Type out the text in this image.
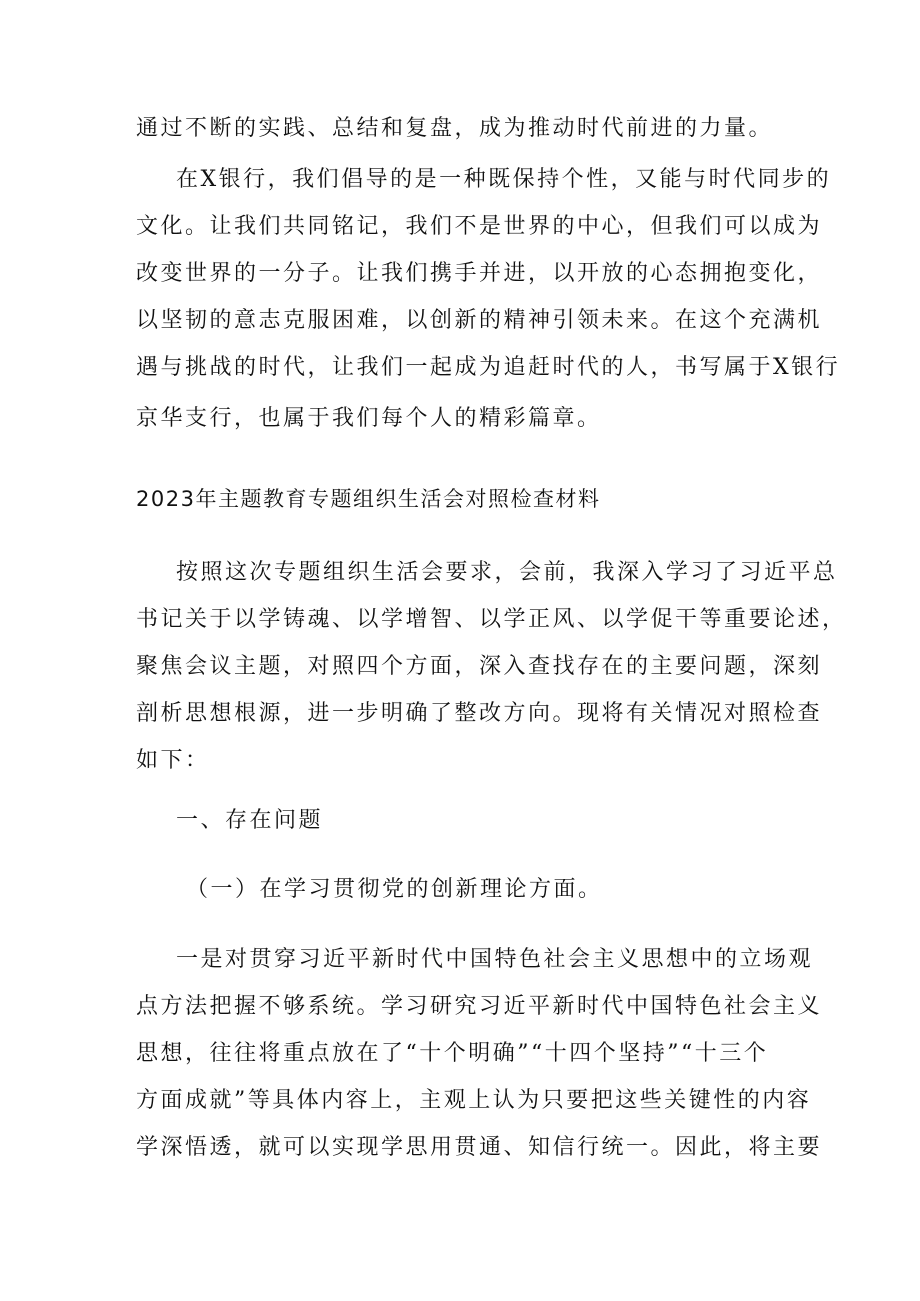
通过不断的实践、总结和复盘，成为推动时代前进的力量。
在X银行，我们倡导的是一种既保持个性，又能与时代同步的
文化。让我们共同铭记，我们不是世界的中心，但我们可以成为
改变世界的一分子。让我们携手并进，以开放的心态拥抱变化，
以坚韧的意志克服困难，以创新的精神引领未来。在这个充满机
遇与挑战的时代，让我们一起成为追赶时代的人，书写属于X银行
京华支行，也属于我们每个人的精彩篇章。
2023年主题教育专题组织生活会对照检查材料
按照这次专题组织生活会要求，会前，我深入学习了习近平总
书记关于以学铸魂、以学增智、以学正风、以学促干等重要论述，
聚焦会议主题，对照四个方面，深入查找存在的主要问题，深刻
剖析思想根源，进一步明确了整改方向。现将有关情况对照检查
如下：
一、存在问题
（一）在学习贯彻党的创新理论方面。
一是对贯穿习近平新时代中国特色社会主义思想中的立场观
点方法把握不够系统。学习研究习近平新时代中国特色社会主义
思想，往往将重点放在了“十个明确”“十四个坚持”“十三个
方面成就”等具体内容上，主观上认为只要把这些关键性的内容
学深悟透，就可以实现学思用贯通、知信行统一。因此，将主要
